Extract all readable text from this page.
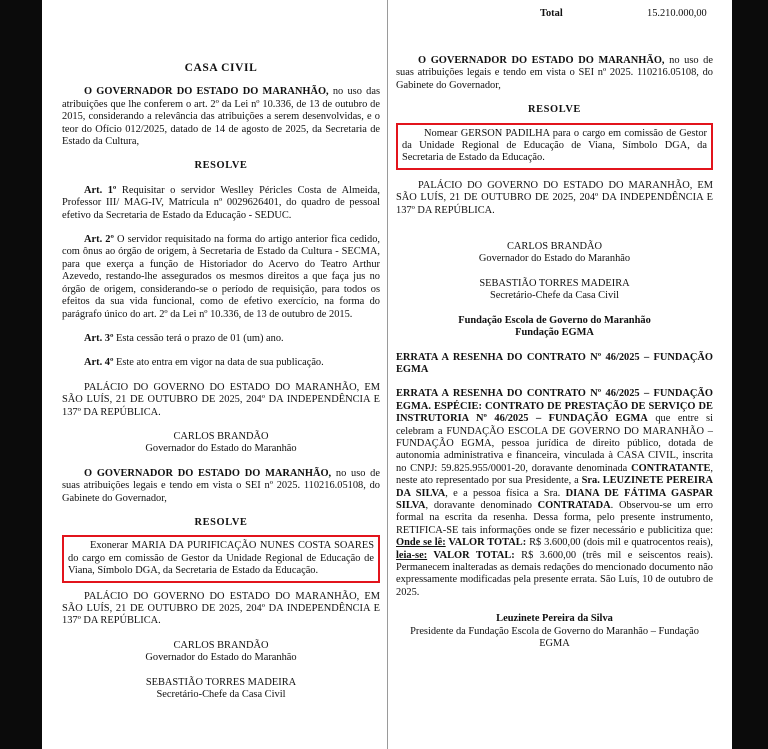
Total	15.210.000,00

CASA CIVIL

O GOVERNADOR DO ESTADO DO MARANHÃO, no uso das atribuições que lhe conferem o art. 2º da Lei nº 10.336, de 13 de outubro de 2015, considerando a relevância das atribuições a serem desenvolvidas, e o teor do Ofício 012/2025, datado de 14 de agosto de 2025, da Secretaria de Estado da Cultura,

RESOLVE

Art. 1º Requisitar o servidor Weslley Péricles Costa de Almeida, Professor III/ MAG-IV, Matrícula nº 0029626401, do quadro de pessoal efetivo da Secretaria de Estado da Educação - SEDUC.

Art. 2º O servidor requisitado na forma do artigo anterior fica cedido, com ônus ao órgão de origem, à Secretaria de Estado da Cultura - SECMA, para que exerça a função de Historiador do Acervo do Teatro Arthur Azevedo, restando-lhe assegurados os mesmos direitos a que faça jus no órgão de origem, considerando-se o período de requisição, para todos os efeitos da sua vida funcional, como de efetivo exercício, na forma do parágrafo único do art. 2º da Lei nº 10.336, de 13 de outubro de 2015.

Art. 3º Esta cessão terá o prazo de 01 (um) ano.

Art. 4º Este ato entra em vigor na data de sua publicação.

PALÁCIO DO GOVERNO DO ESTADO DO MARANHÃO, EM SÃO LUÍS, 21 DE OUTUBRO DE 2025, 204º DA INDEPENDÊNCIA E 137º DA REPÚBLICA.

CARLOS BRANDÃO

Governador do Estado do Maranhão

O GOVERNADOR DO ESTADO DO MARANHÃO, no uso de suas atribuições legais e tendo em vista o SEI nº 2025. 110216.05108, do Gabinete do Governador,

RESOLVE

Exonerar MARIA DA PURIFICAÇÃO NUNES COSTA SOARES do cargo em comissão de Gestor da Unidade Regional de Educação de Viana, Símbolo DGA, da Secretaria de Estado da Educação.

PALÁCIO DO GOVERNO DO ESTADO DO MARANHÃO, EM SÃO LUÍS, 21 DE OUTUBRO DE 2025, 204º DA INDEPENDÊNCIA E 137º DA REPÚBLICA.

CARLOS BRANDÃO

Governador do Estado do Maranhão

SEBASTIÃO TORRES MADEIRA

Secretário-Chefe da Casa Civil

O GOVERNADOR DO ESTADO DO MARANHÃO, no uso de suas atribuições legais e tendo em vista o SEI nº 2025. 110216.05108, do Gabinete do Governador,

RESOLVE

Nomear GERSON PADILHA para o cargo em comissão de Gestor da Unidade Regional de Educação de Viana, Símbolo DGA, da Secretaria de Estado da Educação.

PALÁCIO DO GOVERNO DO ESTADO DO MARANHÃO, EM SÃO LUÍS, 21 DE OUTUBRO DE 2025, 204º DA INDEPENDÊNCIA E 137º DA REPÚBLICA.

CARLOS BRANDÃO

Governador do Estado do Maranhão

SEBASTIÃO TORRES MADEIRA

Secretário-Chefe da Casa Civil

Fundação Escola de Governo do Maranhão

Fundação EGMA

ERRATA A RESENHA DO CONTRATO Nº 46/2025 – FUNDAÇÃO EGMA

ERRATA A RESENHA DO CONTRATO Nº 46/2025 – FUNDAÇÃO EGMA. ESPÉCIE: CONTRATO DE PRESTAÇÃO DE SERVIÇO DE INSTRUTORIA Nº 46/2025 – FUNDAÇÃO EGMA que entre si celebram a FUNDAÇÃO ESCOLA DE GOVERNO DO MARANHÃO – FUNDAÇÃO EGMA, pessoa jurídica de direito público, dotada de autonomia administrativa e financeira, vinculada à CASA CIVIL, inscrita no CNPJ: 59.825.955/0001-20, doravante denominada CONTRATANTE, neste ato representado por sua Presidente, a Sra. LEUZINETE PEREIRA DA SILVA, e a pessoa física a Sra. DIANA DE FÁTIMA GASPAR SILVA, doravante denominado CONTRATADA. Observou-se um erro formal na escrita da resenha. Dessa forma, pelo presente instrumento, RETIFICA-SE tais informações onde se fizer necessário e publicitiza que: Onde se lê: VALOR TOTAL: R$ 3.600,00 (dois mil e quatrocentos reais), leia-se: VALOR TOTAL: R$ 3.600,00 (três mil e seiscentos reais). Permanecem inalteradas as demais redações do mencionado documento não expressamente modificadas pela presente errata. São Luís, 10 de outubro de 2025.

Leuzinete Pereira da Silva

Presidente da Fundação Escola de Governo do Maranhão – Fundação EGMA
